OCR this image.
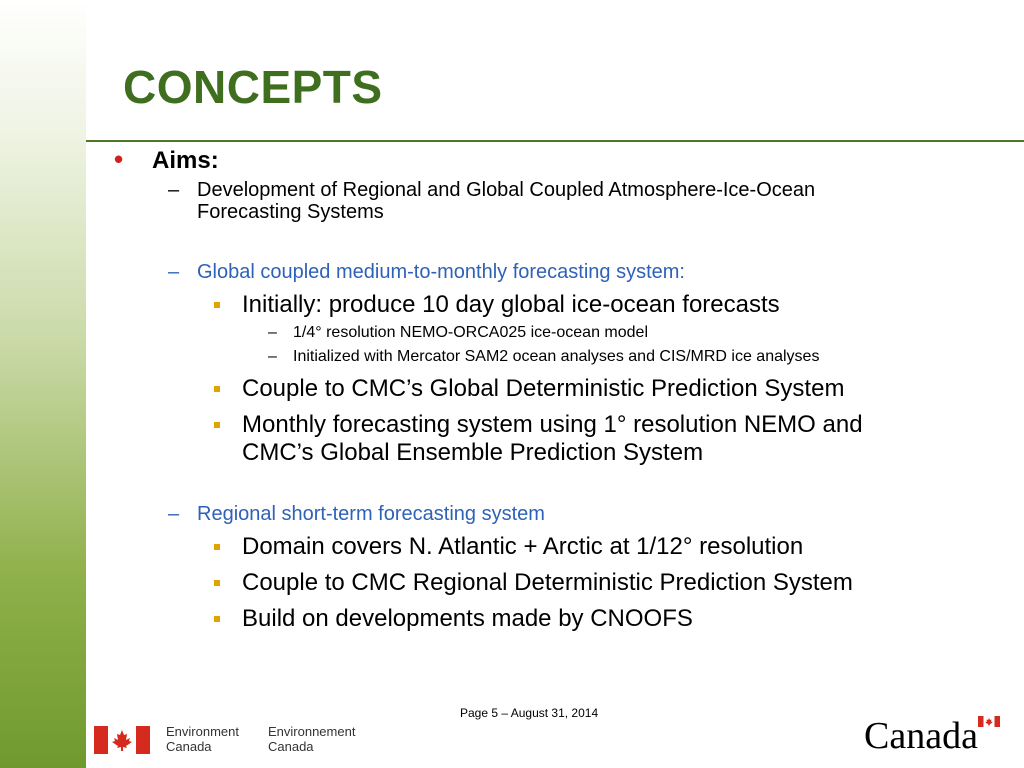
CONCEPTS
• Aims:
– Development of Regional and Global Coupled Atmosphere-Ice-Ocean
Forecasting Systems
– Global coupled medium-to-monthly forecasting system:
Initially: produce 10 day global ice-ocean forecasts
– 1/4° resolution NEMO-ORCA025 ice-ocean model
– Initialized with Mercator SAM2 ocean analyses and CIS/MRD ice analyses
Couple to CMC’s Global Deterministic Prediction System
Monthly forecasting system using 1° resolution NEMO and
CMC’s Global Ensemble Prediction System
– Regional short-term forecasting system
Domain covers N. Atlantic + Arctic at 1/12° resolution
Couple to CMC Regional Deterministic Prediction System
Build on developments made by CNOOFS
Page 5 – August 31, 2014
Environment
Canada
Environnement
Canada	Canada
